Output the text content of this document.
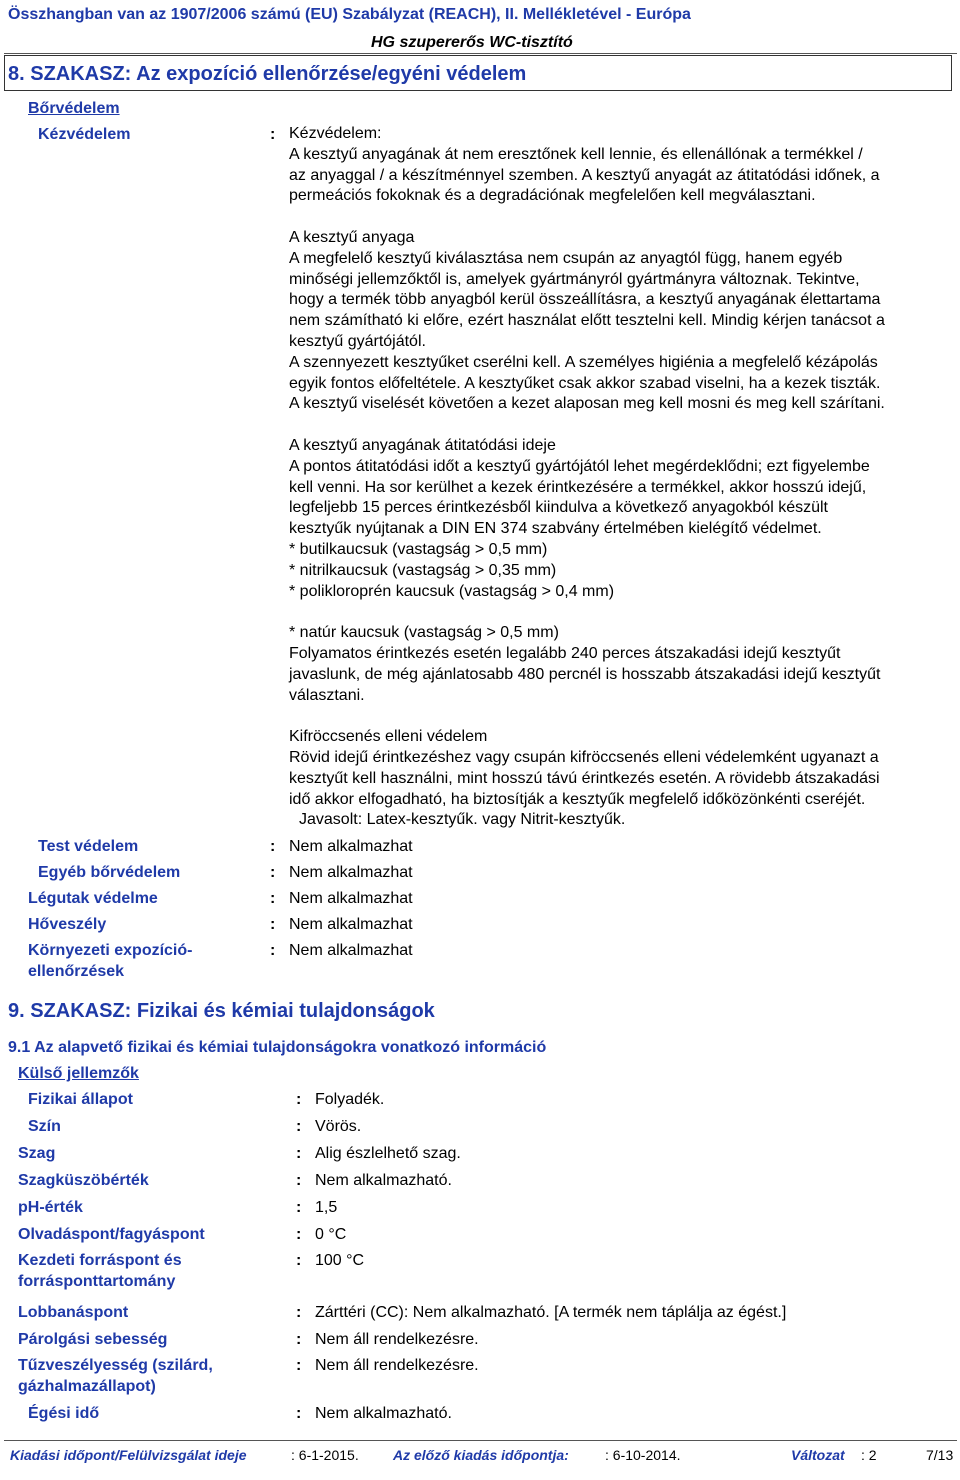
Összhangban van az 1907/2006 számú (EU) Szabályzat (REACH), II. Mellékletével - Európa
HG szupererős WC-tisztító
8. SZAKASZ: Az expozíció ellenőrzése/egyéni védelem
Bőrvédelem
Kézvédelem	: Kézvédelem:
A kesztyű anyagának át nem eresztőnek kell lennie, és ellenállónak a termékkel /
az anyaggal / a készítménnyel szemben. A kesztyű anyagát az átitatódási időnek, a
permeációs fokoknak és a degradációnak megfelelően kell megválasztani.
A kesztyű anyaga
A megfelelő kesztyű kiválasztása nem csupán az anyagtól függ, hanem egyéb
minőségi jellemzőktől is, amelyek gyártmányról gyártmányra változnak. Tekintve,
hogy a termék több anyagból kerül összeállításra, a kesztyű anyagának élettartama
nem számítható ki előre, ezért használat előtt tesztelni kell. Mindig kérjen tanácsot a
kesztyű gyártójától.
A szennyezett kesztyűket cserélni kell. A személyes higiénia a megfelelő kézápolás
egyik fontos előfeltétele. A kesztyűket csak akkor szabad viselni, ha a kezek tiszták.
A kesztyű viselését követően a kezet alaposan meg kell mosni és meg kell szárítani.
A kesztyű anyagának átitatódási ideje
A pontos átitatódási időt a kesztyű gyártójától lehet megérdeklődni; ezt figyelembe
kell venni. Ha sor kerülhet a kezek érintkezésére a termékkel, akkor hosszú idejű,
legfeljebb 15 perces érintkezésből kiindulva a következő anyagokból készült
kesztyűk nyújtanak a DIN EN 374 szabvány értelmében kielégítő védelmet.
* butilkaucsuk (vastagság > 0,5 mm)
* nitrilkaucsuk (vastagság > 0,35 mm)
* polikloroprén kaucsuk (vastagság > 0,4 mm)
* natúr kaucsuk (vastagság > 0,5 mm)
Folyamatos érintkezés esetén legalább 240 perces átszakadási idejű kesztyűt
javaslunk, de még ajánlatosabb 480 percnél is hosszabb átszakadási idejű kesztyűt
választani.
Kifröccsenés elleni védelem
Rövid idejű érintkezéshez vagy csupán kifröccsenés elleni védelemként ugyanazt a
kesztyűt kell használni, mint hosszú távú érintkezés esetén. A rövidebb átszakadási
idő akkor elfogadható, ha biztosítják a kesztyűk megfelelő időközönkénti cseréjét.
Javasolt: Latex-kesztyűk. vagy Nitrit-kesztyűk.
Test védelem	: Nem alkalmazhat
Egyéb bőrvédelem	: Nem alkalmazhat
Légutak védelme	: Nem alkalmazhat
Hőveszély	: Nem alkalmazhat
Környezeti expozíció-
ellenőrzések
: Nem alkalmazhat
9. SZAKASZ: Fizikai és kémiai tulajdonságok
9.1 Az alapvető fizikai és kémiai tulajdonságokra vonatkozó információ
Külső jellemzők
Fizikai állapot	: Folyadék.
Szín	: Vörös.
Szag	: Alig észlelhető szag.
Szagküszöbérték	: Nem alkalmazható.
pH-érték	: 1,5
Olvadáspont/fagyáspont	: 0 °C
Kezdeti forráspont és
forrásponttartomány
: 100 °C
Lobbanáspont	: Zárttéri (CC): Nem alkalmazható. [A termék nem táplálja az égést.]
Párolgási sebesség	: Nem áll rendelkezésre.
Tűzveszélyesség (szilárd,
gázhalmazállapot)
: Nem áll rendelkezésre.
Égési idő	: Nem alkalmazható.
Kiadási időpont/Felülvizsgálat ideje	: 6-1-2015. Az előző kiadás időpontja:	: 6-10-2014.	Változat : 2	7/13
